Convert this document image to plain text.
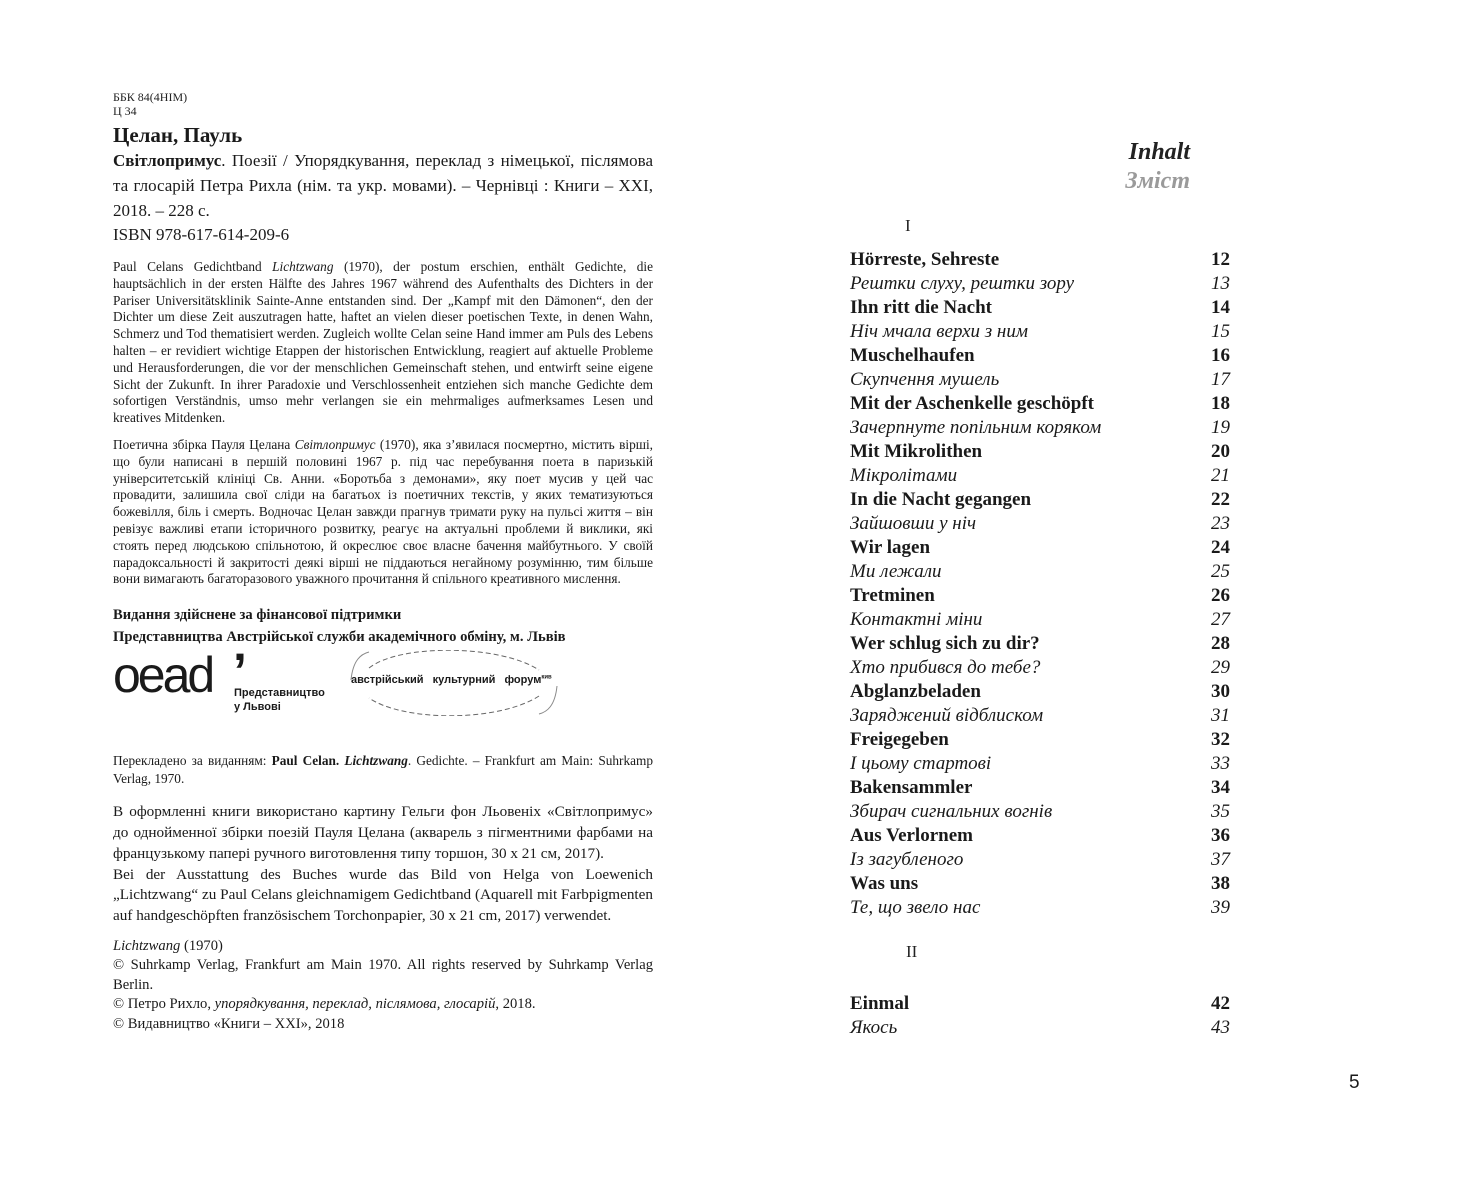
ББК 84(4НІМ)
Ц 34
Целан, Пауль
Світлопримус. Поезії / Упорядкування, переклад з німецької, післямова та глосарій Петра Рихла (нім. та укр. мовами). – Чернівці : Книги – XXI, 2018. – 228 с.
ISBN 978-617-614-209-6
Paul Celans Gedichtband Lichtzwang (1970), der postum erschien, enthält Gedichte, die hauptsächlich in der ersten Hälfte des Jahres 1967 während des Aufenthalts des Dichters in der Pariser Universitätsklinik Sainte-Anne entstanden sind. Der „Kampf mit den Dämonen“, den der Dichter um diese Zeit auszutragen hatte, haftet an vielen dieser poetischen Texte, in denen Wahn, Schmerz und Tod thematisiert werden. Zugleich wollte Celan seine Hand immer am Puls des Lebens halten – er revidiert wichtige Etappen der historischen Entwicklung, reagiert auf aktuelle Probleme und Herausforderungen, die vor der menschlichen Gemeinschaft stehen, und entwirft seine eigene Sicht der Zukunft. In ihrer Paradoxie und Verschlossenheit entziehen sich manche Gedichte dem sofortigen Verständnis, umso mehr verlangen sie ein mehrmaliges aufmerksames Lesen und kreatives Mitdenken.
Поетична збірка Пауля Целана Світлопримус (1970), яка з’явилася посмертно, містить вірші, що були написані в першій половині 1967 р. під час перебування поета в паризькій університетській клініці Св. Анни. «Боротьба з демонами», яку поет мусив у цей час провадити, залишила свої сліди на багатьох із поетичних текстів, у яких тематизуються божевілля, біль і смерть. Водночас Целан завжди прагнув тримати руку на пульсі життя – він ревізує важливі етапи історичного розвитку, реагує на актуальні проблеми й виклики, які стоять перед людською спільнотою, й окреслює своє власне бачення майбутнього. У своїй парадоксальності й закритості деякі вірші не піддаються негайному розумінню, тим більше вони вимагають багаторазового уважного прочитання й спільного креативного мислення.
Видання здійснене за фінансової підтримки
Представництва Австрійської служби академічного обміну, м. Львів
oead ’
Представництво
у Львові
австрійський культурний форум$^{кив}$
Перекладено за виданням: Paul Celan. Lichtzwang. Gedichte. – Frankfurt am Main: Suhrkamp Verlag, 1970.
В оформленні книги використано картину Гельги фон Льовеніх «Світлопримус» до однойменної збірки поезій Пауля Целана (акварель з пігментними фарбами на французькому папері ручного виготовлення типу торшон, 30 x 21 см, 2017).
Bei der Ausstattung des Buches wurde das Bild von Helga von Loewenich „Lichtzwang“ zu Paul Celans gleichnamigem Gedichtband (Aquarell mit Farbpigmenten auf handgeschöpften französischem Torchonpapier, 30 x 21 cm, 2017) verwendet.
Lichtzwang (1970)
© Suhrkamp Verlag, Frankfurt am Main 1970. All rights reserved by Suhrkamp Verlag Berlin.
© Петро Рихло, упорядкування, переклад, післямова, глосарій, 2018.
© Видавництво «Книги – XXI», 2018
Inhalt
Зміст
I
Hörreste, Sehreste	12
Рештки слуху, рештки зору	13
Ihn ritt die Nacht	14
Ніч мчала верхи з ним	15
Muschelhaufen	16
Скупчення мушель	17
Mit der Aschenkelle geschöpft	18
Зачерпнуте попільним коряком	19
Mit Mikrolithen	20
Мікролітами	21
In die Nacht gegangen	22
Зайшовши у ніч	23
Wir lagen	24
Ми лежали	25
Tretminen	26
Контактні міни	27
Wer schlug sich zu dir?	28
Хто прибився до тебе?	29
Abglanzbeladen	30
Заряджений відблиском	31
Freigegeben	32
І цьому стартові	33
Bakensammler	34
Збирач сигнальних вогнів	35
Aus Verlornem	36
Із загубленого	37
Was uns	38
Те, що звело нас	39
II
Einmal	42
Якось	43
5
